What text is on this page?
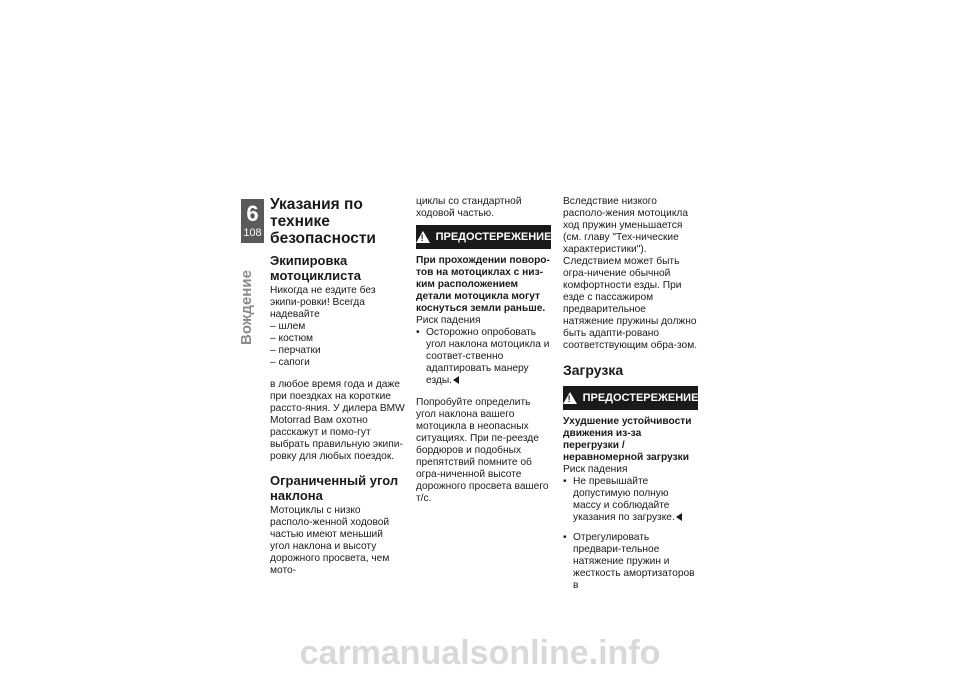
6
108
Вождение
Указания по технике безопасности
Экипировка мотоциклиста

Никогда не ездите без экипи-ровки! Всегда надевайте

– шлем
– костюм
– перчатки
– сапоги

в любое время года и даже при поездках на короткие рассто-яния. У дилера BMW Motorrad Вам охотно расскажут и помо-гут выбрать правильную экипи-ровку для любых поездок.

Ограниченный угол наклона

Мотоциклы с низко располо-женной ходовой частью имеют меньший угол наклона и высоту дорожного просвета, чем мото-

циклы со стандартной ходовой частью.

! ПРЕДОСТЕРЕЖЕНИЕ

При прохождении поворо-тов на мотоциклах с низ-ким расположением детали мотоцикла могут коснуться земли раньше.

Риск падения

• Осторожно опробовать угол наклона мотоцикла и соответ-ственно адаптировать манеру езды.

Попробуйте определить угол наклона вашего мотоцикла в неопасных ситуациях. При пе-реезде бордюров и подобных препятствий помните об огра-ниченной высоте дорожного просвета вашего т/с.

Вследствие низкого располо-жения мотоцикла ход пружин уменьшается (см. главу "Тех-нические характеристики"). Следствием может быть огра-ничение обычной комфортности езды. При езде с пассажиром предварительное натяжение пружины должно быть адапти-ровано соответствующим обра-зом.

Загрузка
! ПРЕДОСТЕРЕЖЕНИЕ

Ухудшение устойчивости движения из-за перегрузки / неравномерной загрузки

Риск падения

• Не превышайте допустимую полную массу и соблюдайте указания по загрузке.
• Отрегулировать предвари-тельное натяжение пружин и жесткость амортизаторов в
carmanualsonline.info
